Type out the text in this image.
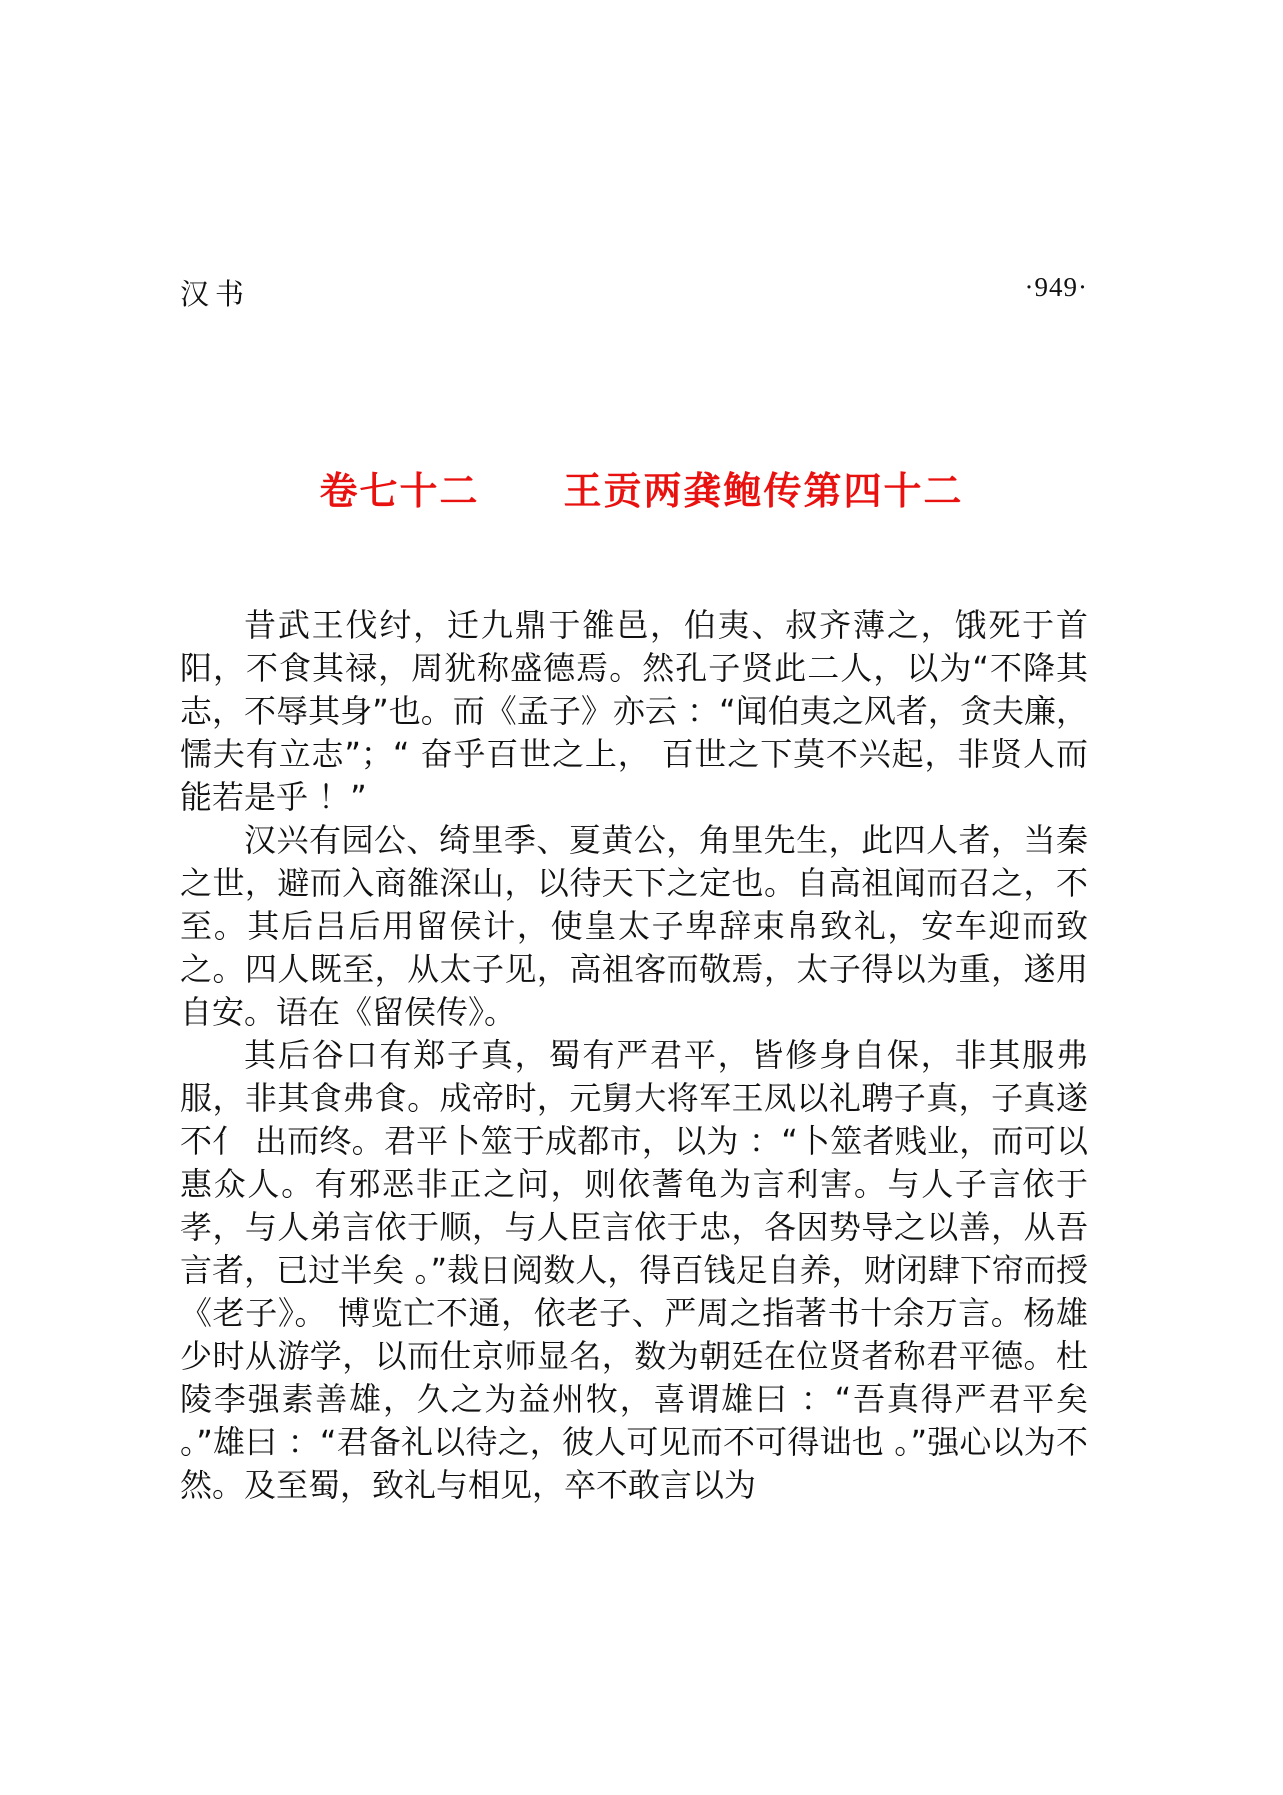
汉书	·949·
卷七十二 王贡两龚鲍传第四十二

昔武王伐纣，迁九鼎于雒邑，伯夷、叔齐薄之，饿死于首阳，不食其禄，周犹称盛德焉。然孔子贤此二人，以为“不降其志，不辱其身”也。而《孟子》亦云 ：“闻伯夷之风者，贪夫廉，懦夫有立志”；“ 奋乎百世之上， 百世之下莫不兴起，非贤人而能若是乎 ！”

汉兴有园公、绮里季、夏黄公，角里先生，此四人者，当秦之世，避而入商雒深山，以待天下之定也。自高祖闻而召之，不至。其后吕后用留侯计，使皇太子卑辞束帛致礼，安车迎而致之。四人既至，从太子见，高祖客而敬焉，太子得以为重，遂用自安。语在《留侯传》。

其后谷口有郑子真，蜀有严君平，皆修身自保，非其服弗服，非其食弗食。成帝时，元舅大将军王凤以礼聘子真，子真遂不亻 出而终。君平卜筮于成都市，以为 ：“卜筮者贱业，而可以惠众人。有邪恶非正之问，则依蓍龟为言利害。与人子言依于孝，与人弟言依于顺，与人臣言依于忠，各因势导之以善，从吾言者，已过半矣 。”裁日阅数人，得百钱足自养，财闭肆下帘而授《老子》。 博览亡不通，依老子、严周之指著书十余万言。杨雄少时从游学，以而仕京师显名，数为朝廷在位贤者称君平德。杜陵李强素善雄，久之为益州牧，喜谓雄曰 ：“吾真得严君平矣 。”雄曰 ：“君备礼以待之，彼人可见而不可得诎也 。”强心以为不然。及至蜀，致礼与相见，卒不敢言以为
